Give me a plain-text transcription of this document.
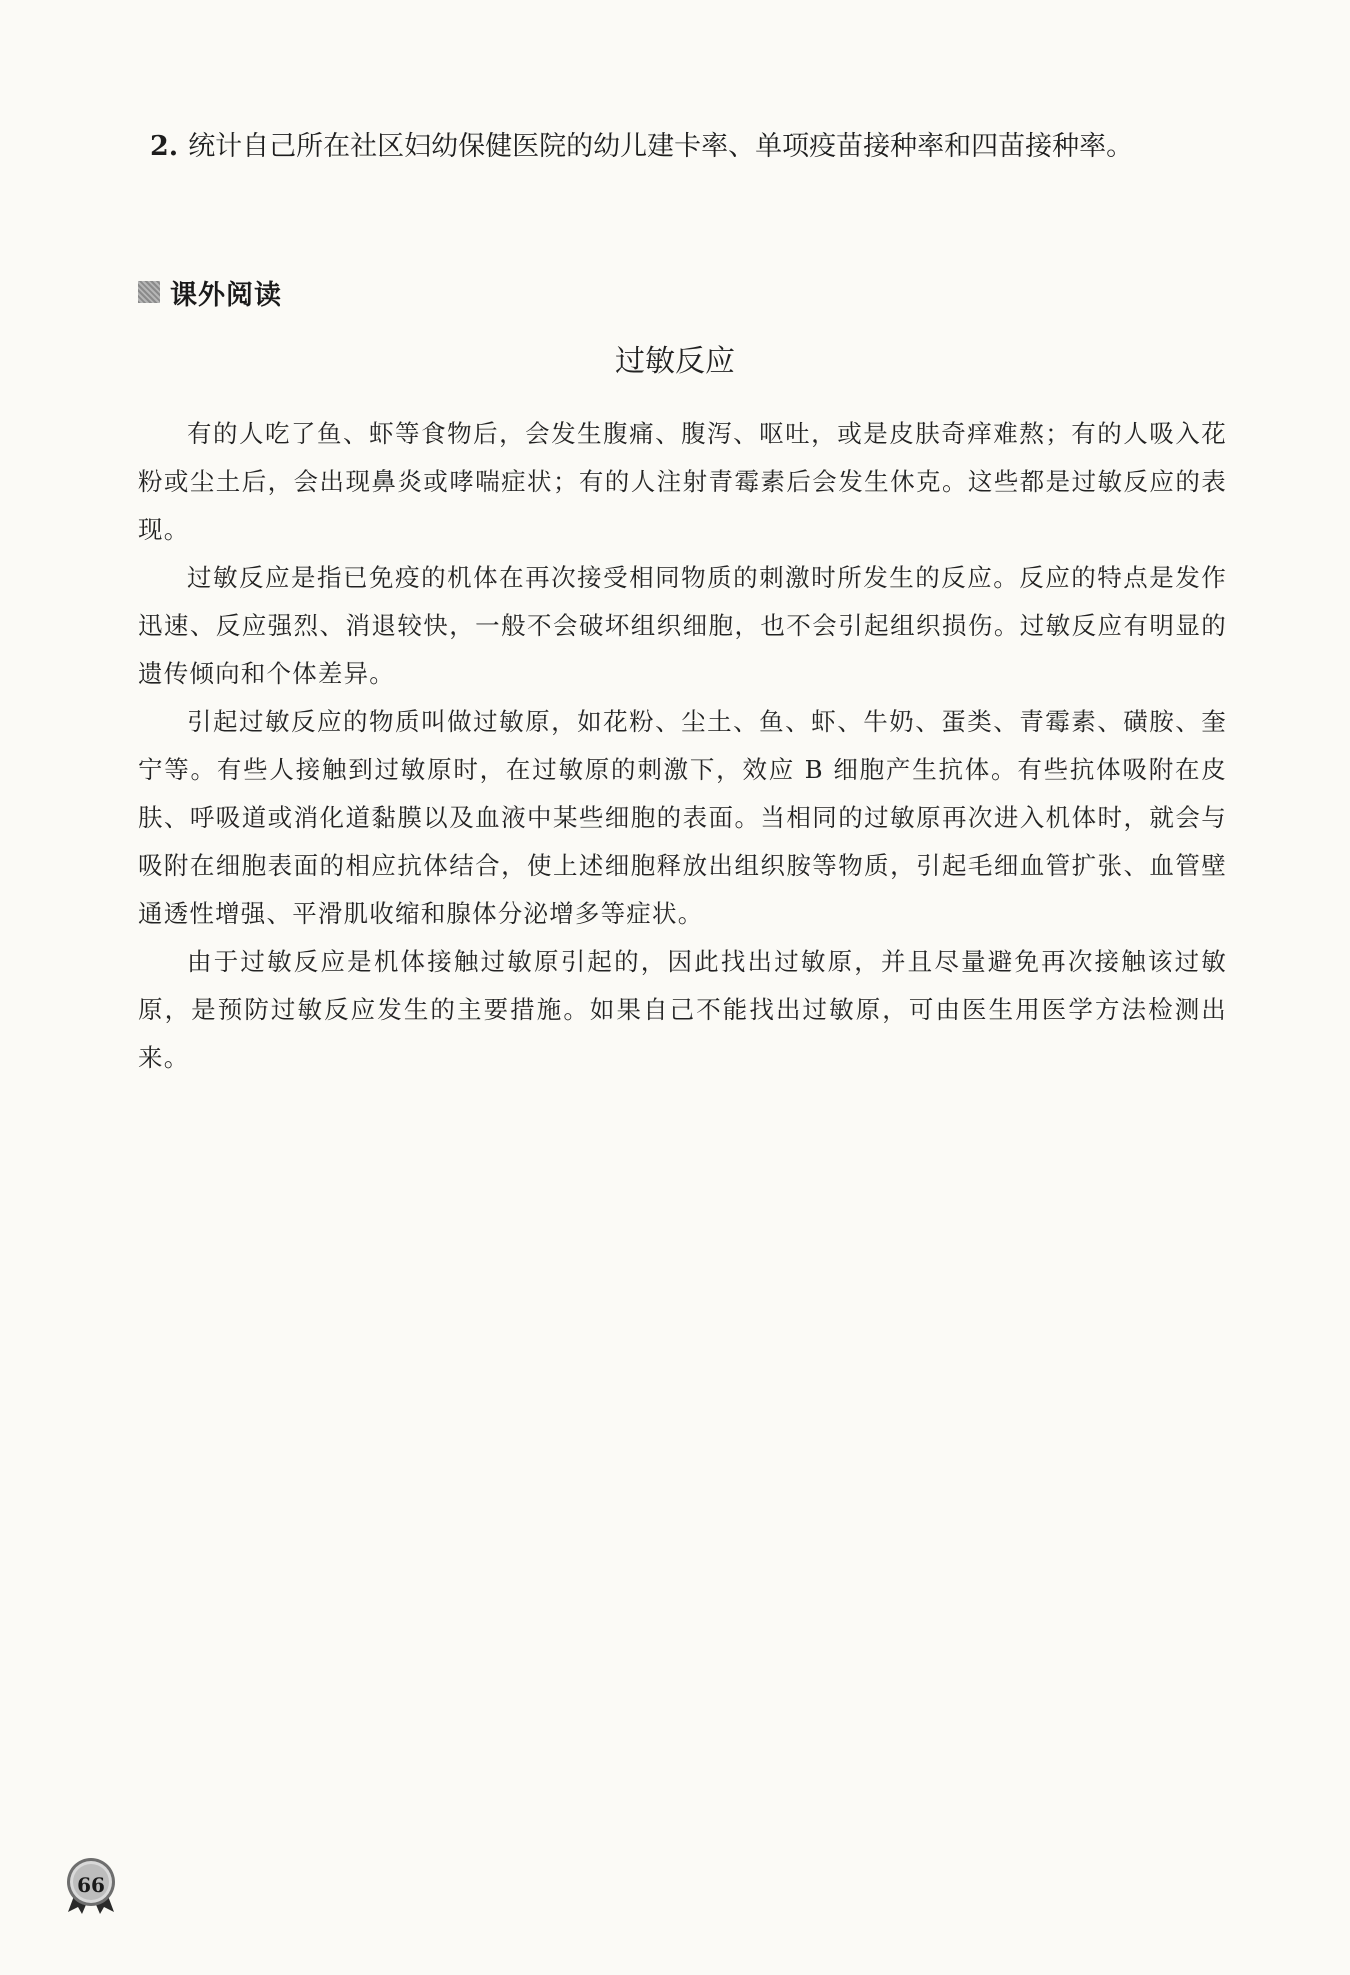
2. 统计自己所在社区妇幼保健医院的幼儿建卡率、单项疫苗接种率和四苗接种率。
课外阅读
过敏反应

有的人吃了鱼、虾等食物后，会发生腹痛、腹泻、呕吐，或是皮肤奇痒难熬；有的人吸入花粉或尘土后，会出现鼻炎或哮喘症状；有的人注射青霉素后会发生休克。这些都是过敏反应的表现。

过敏反应是指已免疫的机体在再次接受相同物质的刺激时所发生的反应。反应的特点是发作迅速、反应强烈、消退较快，一般不会破坏组织细胞，也不会引起组织损伤。过敏反应有明显的遗传倾向和个体差异。

引起过敏反应的物质叫做过敏原，如花粉、尘土、鱼、虾、牛奶、蛋类、青霉素、磺胺、奎宁等。有些人接触到过敏原时，在过敏原的刺激下，效应 B 细胞产生抗体。有些抗体吸附在皮肤、呼吸道或消化道黏膜以及血液中某些细胞的表面。当相同的过敏原再次进入机体时，就会与吸附在细胞表面的相应抗体结合，使上述细胞释放出组织胺等物质，引起毛细血管扩张、血管壁通透性增强、平滑肌收缩和腺体分泌增多等症状。

由于过敏反应是机体接触过敏原引起的，因此找出过敏原，并且尽量避免再次接触该过敏原，是预防过敏反应发生的主要措施。如果自己不能找出过敏原，可由医生用医学方法检测出来。

66
